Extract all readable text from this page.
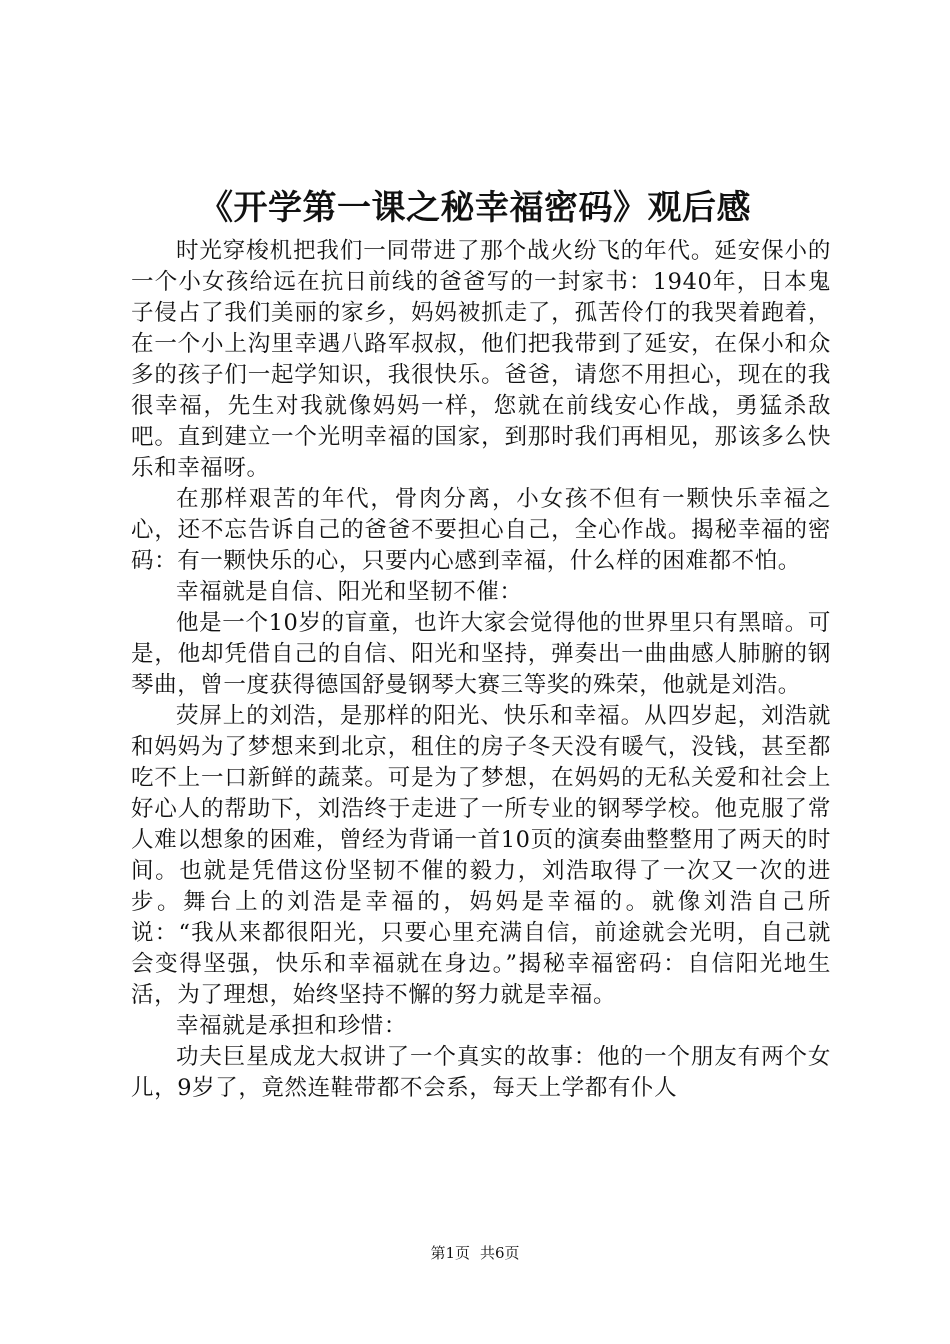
《开学第一课之秘幸福密码》观后感

时光穿梭机把我们一同带进了那个战火纷飞的年代。延安保小的一个小女孩给远在抗日前线的爸爸写的一封家书：1940年，日本鬼子侵占了我们美丽的家乡，妈妈被抓走了，孤苦伶仃的我哭着跑着，在一个小上沟里幸遇八路军叔叔，他们把我带到了延安，在保小和众多的孩子们一起学知识，我很快乐。爸爸，请您不用担心，现在的我很幸福，先生对我就像妈妈一样，您就在前线安心作战，勇猛杀敌吧。直到建立一个光明幸福的国家，到那时我们再相见，那该多么快乐和幸福呀。

在那样艰苦的年代，骨肉分离，小女孩不但有一颗快乐幸福之心，还不忘告诉自己的爸爸不要担心自己，全心作战。揭秘幸福的密码：有一颗快乐的心，只要内心感到幸福，什么样的困难都不怕。

幸福就是自信、阳光和坚韧不催：

他是一个10岁的盲童，也许大家会觉得他的世界里只有黑暗。可是，他却凭借自己的自信、阳光和坚持，弹奏出一曲曲感人肺腑的钢琴曲，曾一度获得德国舒曼钢琴大赛三等奖的殊荣，他就是刘浩。

荧屏上的刘浩，是那样的阳光、快乐和幸福。从四岁起，刘浩就和妈妈为了梦想来到北京，租住的房子冬天没有暖气，没钱，甚至都吃不上一口新鲜的蔬菜。可是为了梦想，在妈妈的无私关爱和社会上好心人的帮助下，刘浩终于走进了一所专业的钢琴学校。他克服了常人难以想象的困难，曾经为背诵一首10页的演奏曲整整用了两天的时间。也就是凭借这份坚韧不催的毅力，刘浩取得了一次又一次的进步。舞台上的刘浩是幸福的，妈妈是幸福的。就像刘浩自己所说：“我从来都很阳光，只要心里充满自信，前途就会光明，自己就会变得坚强，快乐和幸福就在身边。”揭秘幸福密码：自信阳光地生活，为了理想，始终坚持不懈的努力就是幸福。

幸福就是承担和珍惜：

功夫巨星成龙大叔讲了一个真实的故事：他的一个朋友有两个女儿，9岁了，竟然连鞋带都不会系，每天上学都有仆人

第1页 共6页
